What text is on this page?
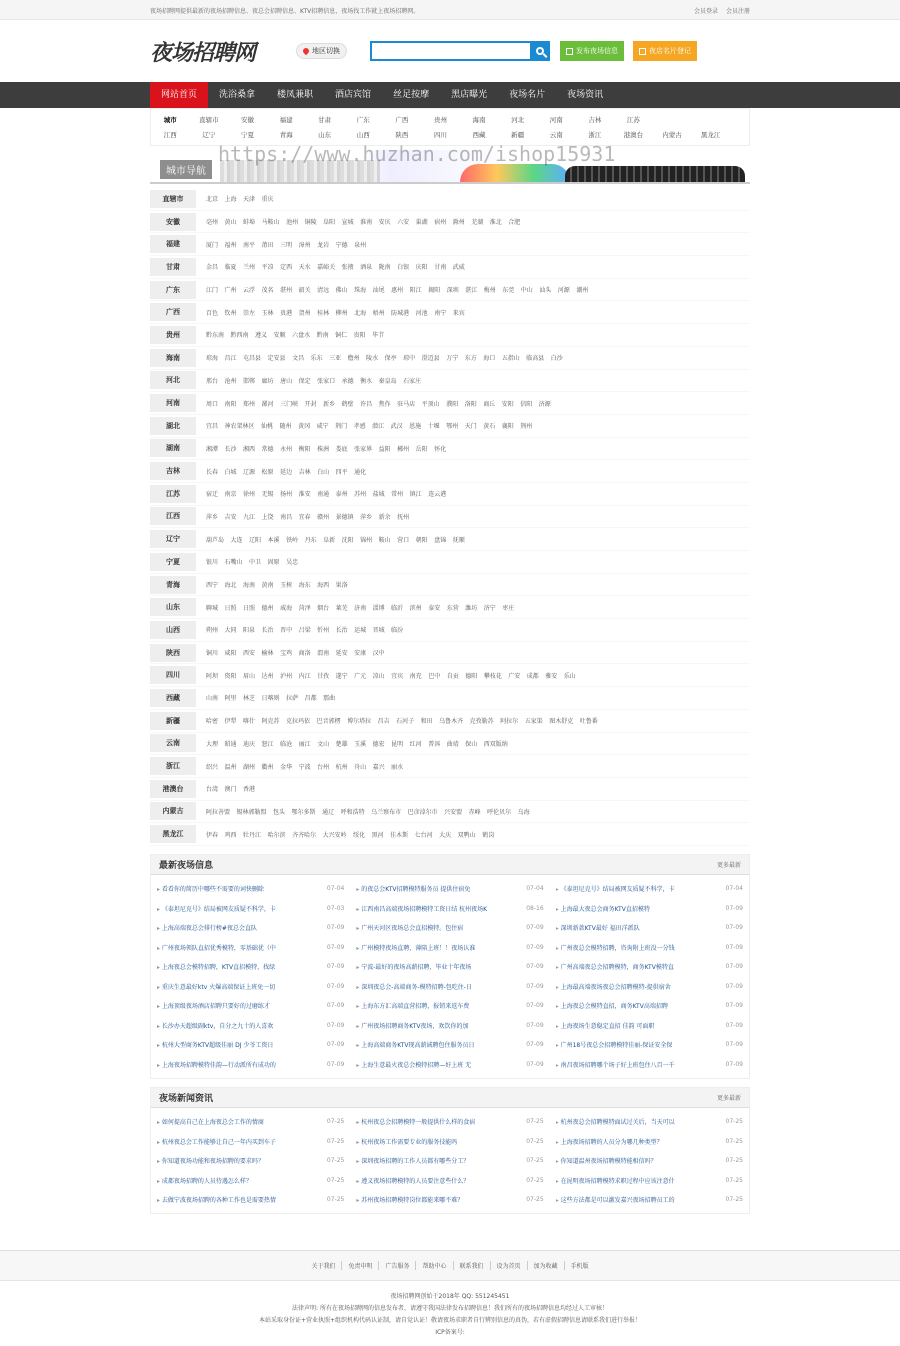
夜场招聘网提供最新的夜场招聘信息、夜总会招聘信息、KTV招聘信息，夜场找工作就上夜场招聘网。	会员登录 会员注册
夜场招聘网	地区切换	发布夜场信息	夜店名片登记
网站首页	洗浴桑拿	楼凤兼职	酒店宾馆	丝足按摩	黑店曝光	夜场名片	夜场资讯
城市	直辖市	安徽	福建	甘肃	广东	广西	贵州	海南	河北	河南	吉林	江苏
江西	辽宁	宁夏	青海	山东	山西	陕西	四川	西藏	新疆	云南	浙江	港澳台	内蒙古	黑龙江
城市导航
直辖市	北京 上海 天津 重庆
安徽	亳州 黄山 蚌埠 马鞍山 池州 铜陵 阜阳 宣城 淮南 安庆 六安 巢湖 宿州 滁州 芜湖 淮北 合肥
福建	厦门 福州 南平 莆田 三明 漳州 龙岩 宁德 泉州
甘肃	金昌 临夏 兰州 平凉 定西 天水 嘉峪关 张掖 酒泉 陇南 白银 庆阳 甘南 武威
广东	江门 广州 云浮 茂名 湛州 韶关 清远 佛山 珠海 汕尾 惠州 阳江 揭阳 深圳 湛江 梅州 东莞 中山 汕头 河源 潮州
广西	百色 钦州 崇左 玉林 贵港 贺州 桂林 柳州 北海 梧州 防城港 河池 南宁 来宾
贵州	黔东南 黔西南 遵义 安顺 六盘水 黔南 铜仁 贵阳 毕节
海南	琼海 昌江 屯昌县 定安县 文昌 乐东 三亚 儋州 陵水 保亭 琼中 澄迈县 万宁 东方 海口 五指山 临高县 白沙
河北	邢台 沧州 邯郸 廊坊 唐山 保定 张家口 承德 衡水 秦皇岛 石家庄
河南	周口 南阳 郑州 漯河 三门峡 开封 新乡 鹤壁 许昌 焦作 驻马店 平顶山 濮阳 洛阳 商丘 安阳 信阳 济源
湖北	宜昌 神农架林区 仙桃 随州 黄冈 咸宁 荆门 孝感 潜江 武汉 恩施 十堰 鄂州 天门 黄石 襄阳 荆州
湖南	湘潭 长沙 湘西 常德 永州 衡阳 株洲 娄底 张家界 益阳 郴州 岳阳 怀化
吉林	长春 白城 辽源 松原 延边 吉林 白山 四平 通化
江苏	宿迁 南京 徐州 无锡 扬州 淮安 南通 泰州 苏州 盐城 常州 镇江 连云港
江西	萍乡 吉安 九江 上饶 南昌 宜春 赣州 景德镇 萍乡 新余 抚州
辽宁	葫芦岛 大连 辽阳 本溪 铁岭 丹东 阜新 沈阳 锦州 鞍山 营口 朝阳 盘锦 抚顺
宁夏	银川 石嘴山 中卫 固原 吴忠
青海	西宁 海北 海南 黄南 玉树 海东 海西 果洛
山东	聊城 日照 日照 德州 威海 菏泽 烟台 莱芜 济南 淄博 临沂 滨州 泰安 东营 潍坊 济宁 枣庄
山西	朔州 大同 阳泉 长治 晋中 吕梁 忻州 长治 运城 晋城 临汾
陕西	铜川 咸阳 西安 榆林 宝鸡 商洛 渭南 延安 安康 汉中
四川	阿坝 资阳 眉山 达州 泸州 内江 甘孜 遂宁 广元 凉山 宜宾 南充 巴中 自贡 德阳 攀枝花 广安 成都 雅安 乐山
西藏	山南 阿里 林芝 日喀则 拉萨 昌都 那曲
新疆	哈密 伊犁 喀什 阿克苏 克拉玛依 巴音郭楞 博尔塔拉 昌吉 石河子 和田 乌鲁木齐 克孜勒苏 阿拉尔 五家渠 图木舒克 吐鲁番
云南	大理 昭通 迪庆 怒江 临沧 丽江 文山 楚雄 玉溪 德宏 昆明 红河 普洱 曲靖 保山 西双版纳
浙江	绍兴 温州 湖州 衢州 金华 宁波 台州 杭州 舟山 嘉兴 丽水
港澳台	台湾 澳门 香港
内蒙古	阿拉善盟 锡林郭勒盟 包头 鄂尔多斯 通辽 呼和浩特 乌兰察布市 巴彦淖尔市 兴安盟 赤峰 呼伦贝尔 乌海
黑龙江	伊春 鸡西 牡丹江 哈尔滨 齐齐哈尔 大兴安岭 绥化 黑河 佳木斯 七台河 大庆 双鸭山 鹤岗
最新夜场信息	更多最新
▸ 看看你的简历中哪些不需要的词快删除	07-04	▸ 的夜总会KTV招聘模特服务员 提供住宿免	07-04	▸ 《泰坦尼克号》结局被网友质疑不科学，卡	07-04
▸ 《泰坦尼克号》结局被网友质疑不科学，卡	07-03	▸ 江西南昌高端夜场招聘模特工资日结 杭州夜场K	08-16	▸ 上海最大夜总会商务KTV直招模特	07-09
▸ 上海高端夜总会排行榜#夜总会直队	07-09	▸ 广州天河区夜场总会直招模特。包住宿	07-09	▸ 深圳新款KTV最好 福田洋派队	07-09
▸ 广州夜场领队直招优秀模特，零基础优（中	07-09	▸ 广州模特夜场直聘，薄陪上班！！夜场认准	07-09	▸ 广州夜总会模特招聘，咨询附上班没一分钱	07-09
▸ 上海夜总会模特招聘，KTV直招模特，找绿	07-09	▸ 宁波-最好的夜场高薪招聘，毕业十年夜场	07-09	▸ 广州高端夜总会招聘模特，商务KTV模特直	07-09
▸ 重庆生意最好ktv 火爆高端保证上班免一切	07-09	▸ 深圳夜总会-高端商务-模特招聘-包吃住-日	07-09	▸ 上海最高端夜场夜总会招聘模特-提供宿舍	07-09
▸ 上海顶级夜场酒店招聘只要好的过磨练才	07-09	▸ 上海东方汇高端直营招聘，报销来返车费	07-09	▸ 上海夜总会模特直招，商务KTV高端招聘	07-09
▸ 长沙办天超级副ktv，自分之九十的人喜欢	07-09	▸ 广州夜场招聘商务KTV夜场，欢饮你的加	07-09	▸ 上海夜场生意稳定直招 佳韵 可面职	07-09
▸ 杭州大型商务KTV超级佳丽 DJ 少爷工资日	07-09	▸ 上海高端商务KTV现高薪诚聘包住服务员日	07-09	▸ 广州18号夜总会招聘模特佳丽-保证安全保	07-09
▸ 上海夜场招聘模特佳韵—行动派所有成功的	07-09	▸ 上海生意最火夜总会模特招聘—好上班 无	07-09	▸ 南昌夜场招聘哪个场子好上班包住八百一千	07-09
夜场新闻资讯	更多最新
▸ 如何提高自己在上海夜总会工作的情商	07-25	▸ 杭州夜总会招聘模特一般提供什么样的食宿	07-25	▸ 杭州夜总会招聘模特面试过关后，当天可以	07-25
▸ 杭州夜总会工作能够让自己一年内买到车子	07-25	▸ 杭州夜场工作需要专业的服务技能吗	07-25	▸ 上海夜场招聘的人员分为哪几种类型？	07-25
▸ 你知道夜场功能和夜场招聘的要求吗？	07-25	▸ 深圳夜场招聘的工作人员都有哪些分工？	07-25	▸ 你知道温州夜场招聘模特能相信吗？	07-25
▸ 成都夜场招聘的人员待遇怎么样？	07-25	▸ 遵义夜场招聘模特的人员要注意些什么？	07-25	▸ 在昆明夜场招聘模特求职过程中应该注意什	07-25
▸ 去做宁波夜场招聘的各种工作也是需要热情	07-25	▸ 苏州夜场招聘模特岗位都能来哪不难？	07-25	▸ 这些方法都是可以激发嘉兴夜场招聘员工的	07-25
https://www.huzhan.com/ishop15931
关于我们	免责申明	广告服务	帮助中心	联系我们	设为首页	加为收藏	手机版
夜场招聘网创始于2018年 QQ: 551245451
法律声明: 所有在夜场招聘网的信息发布者，请遵守我国法律发布招聘信息！我们所有的夜场招聘信息均经过人工审核！
本站采取身份证+营业执照+组织机构代码认证制，请自觉认证！敬请夜场求职者自行辨别信息的真伪，若有虚假招聘信息请联系我们进行举报！
ICP备案号:
